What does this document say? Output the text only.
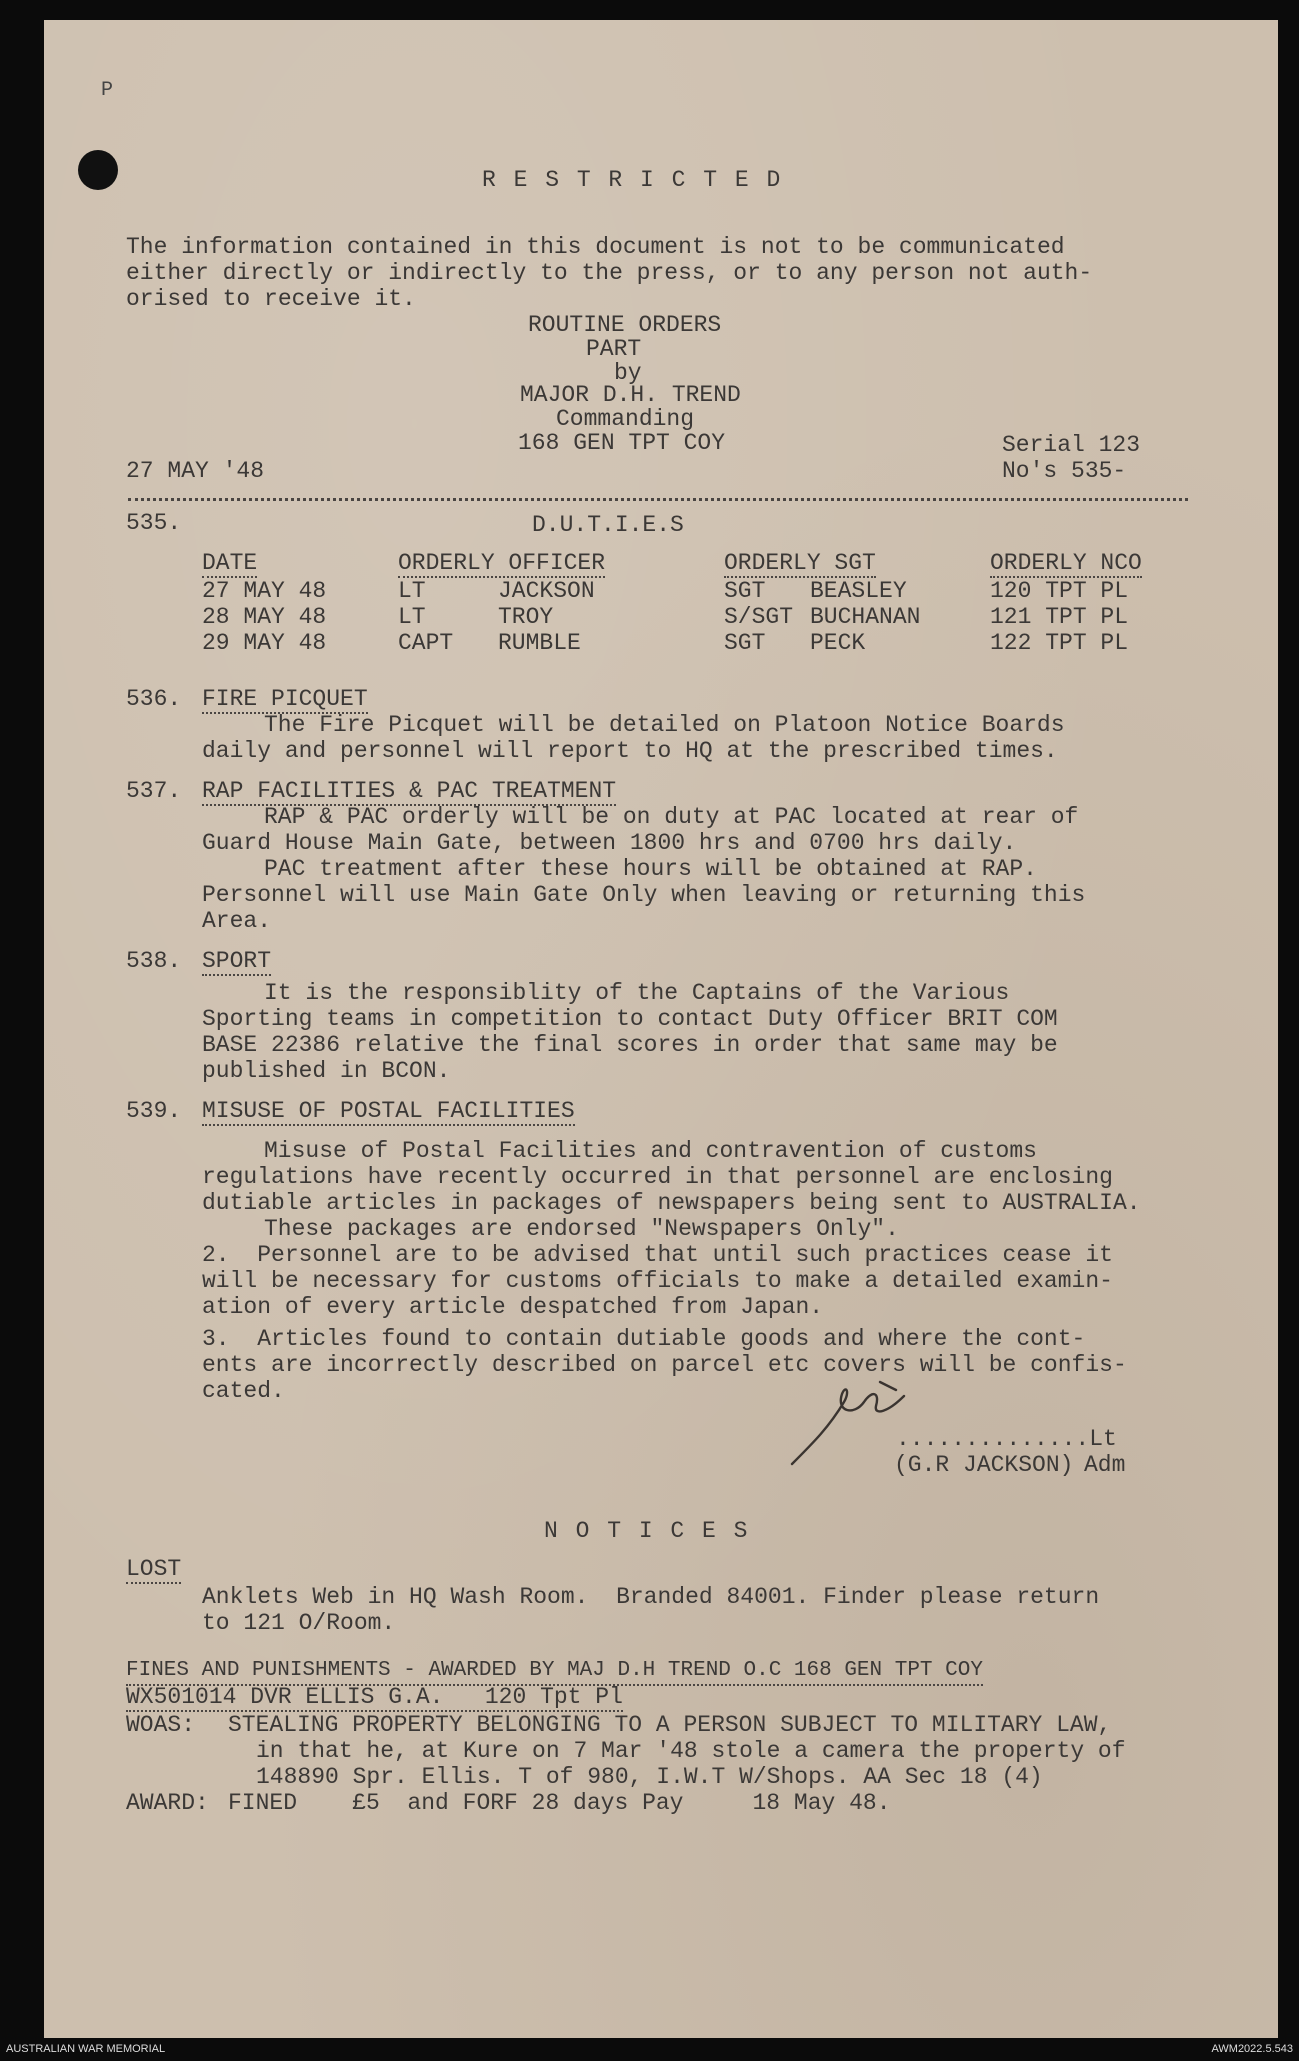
P
R E S T R I C T E D
The information contained in this document is not to be communicated
either directly or indirectly to the press, or to any person not auth-
orised to receive it.
ROUTINE ORDERS
PART
by
MAJOR D.H. TREND
Commanding
168 GEN TPT COY	Serial 123
No's 535-
27 MAY '48
535.	D.U.T.I.E.S
DATE	ORDERLY OFFICER	ORDERLY SGT	ORDERLY NCO
27 MAY 48	LT	JACKSON	SGT BEASLEY	120 TPT PL
28 MAY 48	LT	TROY	S/SGT BUCHANAN	121 TPT PL
29 MAY 48	CAPT RUMBLE	SGT PECK	122 TPT PL
536. FIRE PICQUET
The Fire Picquet will be detailed on Platoon Notice Boards
daily and personnel will report to HQ at the prescribed times.
537. RAP FACILITIES & PAC TREATMENT
RAP & PAC orderly will be on duty at PAC located at rear of
Guard House Main Gate, between 1800 hrs and 0700 hrs daily.
PAC treatment after these hours will be obtained at RAP.
Personnel will use Main Gate Only when leaving or returning this
Area.
538. SPORT
It is the responsiblity of the Captains of the Various
Sporting teams in competition to contact Duty Officer BRIT COM
BASE 22386 relative the final scores in order that same may be
published in BCON.
539. MISUSE OF POSTAL FACILITIES
Misuse of Postal Facilities and contravention of customs
regulations have recently occurred in that personnel are enclosing
dutiable articles in packages of newspapers being sent to AUSTRALIA.
These packages are endorsed "Newspapers Only".
2.  Personnel are to be advised that until such practices cease it
will be necessary for customs officials to make a detailed examin-
ation of every article despatched from Japan.
3.  Articles found to contain dutiable goods and where the cont-
ents are incorrectly described on parcel etc covers will be confis-
cated.
..............Lt
(G.R JACKSON) Adm
N O T I C E S
LOST
Anklets Web in HQ Wash Room.  Branded 84001. Finder please return
to 121 O/Room.
FINES AND PUNISHMENTS - AWARDED BY MAJ D.H TREND O.C 168 GEN TPT COY
WX501014 DVR ELLIS G.A.   120 Tpt Pl
WOAS: STEALING PROPERTY BELONGING TO A PERSON SUBJECT TO MILITARY LAW,
in that he, at Kure on 7 Mar '48 stole a camera the property of
148890 Spr. Ellis. T of 980, I.W.T W/Shops. AA Sec 18 (4)
AWARD: FINED    £5  and FORF 28 days Pay     18 May 48.
AUSTRALIAN WAR MEMORIAL	AWM2022.5.543
